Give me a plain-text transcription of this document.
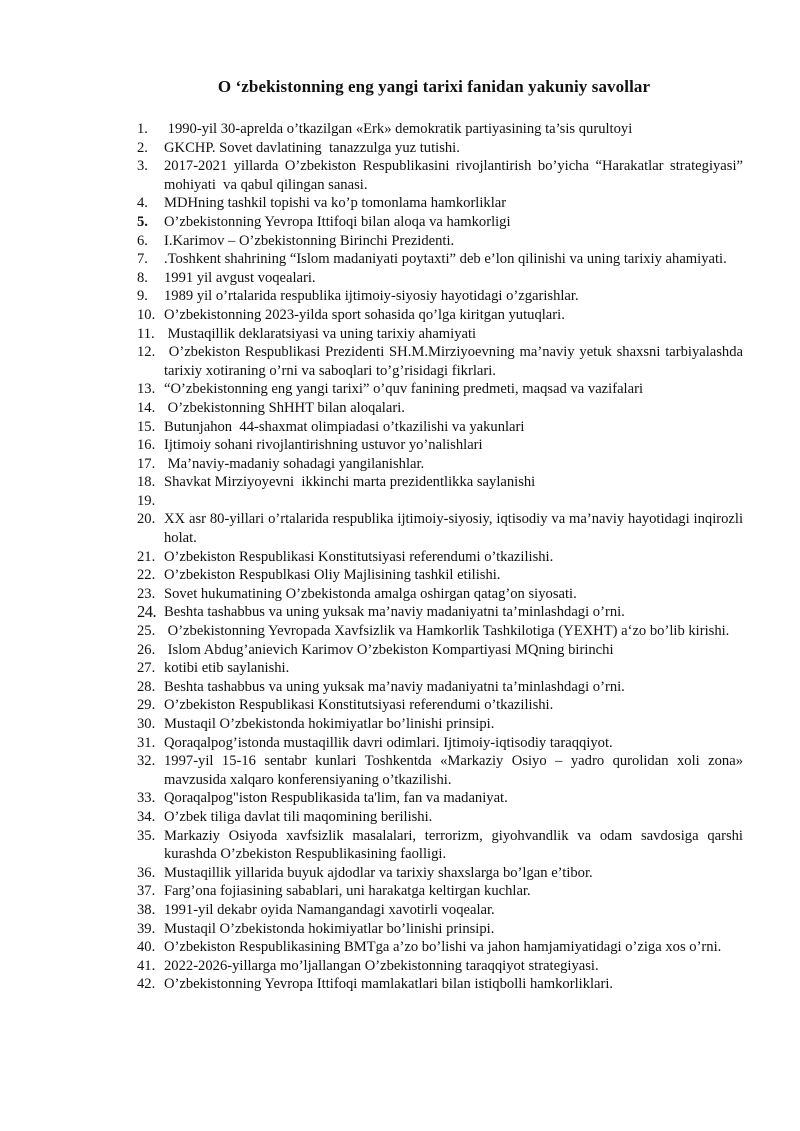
O ‘zbekistonning eng yangi tarixi fanidan yakuniy savollar
1.	1990-yil 30-aprelda o’tkazilgan «Erk» demokratik partiyasining ta’sis qurultoyi
2.	GKCHP. Sovet davlatining  tanazzulga yuz tutishi.
3.	2017-2021 yillarda O’zbekiston Respublikasini rivojlantirish bo’yicha “Harakatlar strategiyasi” mohiyati  va qabul qilingan sanasi.
4.	MDHning tashkil topishi va ko’p tomonlama hamkorliklar
5.	O’zbekistonning Yevropa Ittifoqi bilan aloqa va hamkorligi
6.	I.Karimov – O’zbekistonning Birinchi Prezidenti.
7.	.Toshkent shahrining “Islom madaniyati poytaxti” deb e’lon qilinishi va uning tarixiy ahamiyati.
8.	1991 yil avgust voqealari.
9.	1989 yil o’rtalarida respublika ijtimoiy-siyosiy hayotidagi o’zgarishlar.
10. O’zbekistonning 2023-yilda sport sohasida qo’lga kiritgan yutuqlari.
11. Mustaqillik deklaratsiyasi va uning tarixiy ahamiyati
12. O’zbekiston Respublikasi Prezidenti SH.M.Mirziyoevning ma’naviy yetuk shaxsni tarbiyalashda tarixiy xotiraning o’rni va saboqlari to’g’risidagi fikrlari.
13. “O’zbekistonning eng yangi tarixi” o’quv fanining predmeti, maqsad va vazifalari
14. O’zbekistonning ShHHT bilan aloqalari.
15. Butunjahon  44-shaxmat olimpiadasi o’tkazilishi va yakunlari
16. Ijtimoiy sohani rivojlantirishning ustuvor yo’nalishlari
17. Ma’naviy-madaniy sohadagi yangilanishlar.
18. Shavkat Mirziyoyevni  ikkinchi marta prezidentlikka saylanishi
19.
20. XX asr 80-yillari o’rtalarida respublika ijtimoiy-siyosiy, iqtisodiy va ma’naviy hayotidagi inqirozli holat.
21. O’zbekiston Respublikasi Konstitutsiyasi referendumi o’tkazilishi.
22. O’zbekiston Respublkasi Oliy Majlisining tashkil etilishi.
23. Sovet hukumatining O’zbekistonda amalga oshirgan qatag’on siyosati.
24. Beshta tashabbus va uning yuksak ma’naviy madaniyatni ta’minlashdagi o’rni.
25. O’zbekistonning Yevropada Xavfsizlik va Hamkorlik Tashkilotiga (YEXHT) a‘zo bo’lib kirishi.
26. Islom Abdug’anievich Karimov O’zbekiston Kompartiyasi MQning birinchi
27. kotibi etib saylanishi.
28. Beshta tashabbus va uning yuksak ma’naviy madaniyatni ta’minlashdagi o’rni.
29. O’zbekiston Respublikasi Konstitutsiyasi referendumi o’tkazilishi.
30. Mustaqil O’zbekistonda hokimiyatlar bo’linishi prinsipi.
31. Qoraqalpog’istonda mustaqillik davri odimlari. Ijtimoiy-iqtisodiy taraqqiyot.
32. 1997-yil 15-16 sentabr kunlari Toshkentda «Markaziy Osiyo – yadro qurolidan xoli zona» mavzusida xalqaro konferensiyaning o’tkazilishi.
33. Qoraqalpog"iston Respublikasida ta'lim, fan va madaniyat.
34. O’zbek tiliga davlat tili maqomining berilishi.
35. Markaziy Osiyoda xavfsizlik masalalari, terrorizm, giyohvandlik va odam savdosiga qarshi kurashda O’zbekiston Respublikasining faolligi.
36. Mustaqillik yillarida buyuk ajdodlar va tarixiy shaxslarga bo’lgan e’tibor.
37. Farg’ona fojiasining sabablari, uni harakatga keltirgan kuchlar.
38. 1991-yil dekabr oyida Namangandagi xavotirli voqealar.
39. Mustaqil O’zbekistonda hokimiyatlar bo’linishi prinsipi.
40. O’zbekiston Respublikasining BMTga a’zo bo’lishi va jahon hamjamiyatidagi o’ziga xos o’rni.
41. 2022-2026-yillarga mo’ljallangan O’zbekistonning taraqqiyot strategiyasi.
42. O’zbekistonning Yevropa Ittifoqi mamlakatlari bilan istiqbolli hamkorliklari.
